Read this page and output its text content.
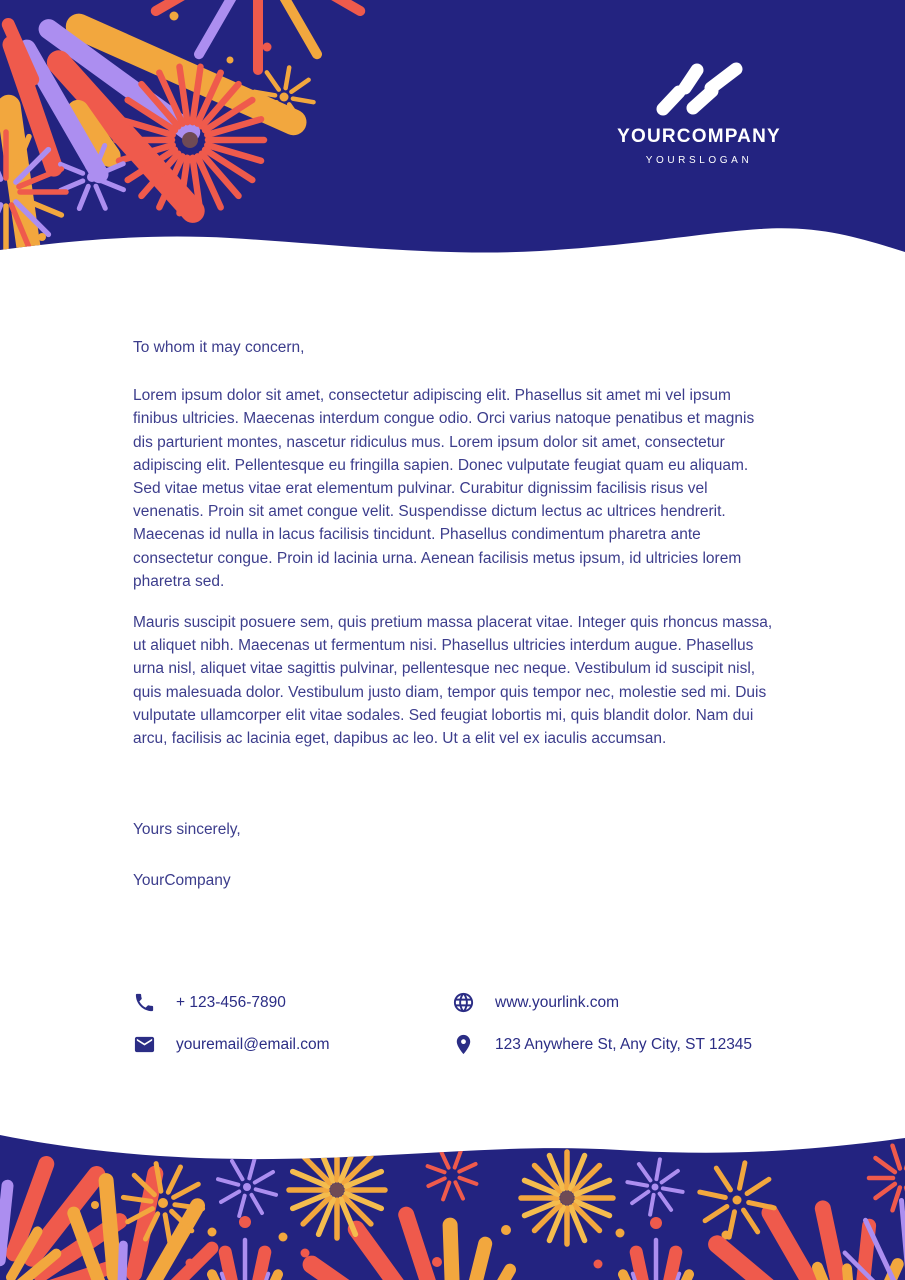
YOURCOMPANY
YOURSLOGAN

To whom it may concern,

Lorem ipsum dolor sit amet, consectetur adipiscing elit. Phasellus sit amet mi vel ipsum finibus ultricies. Maecenas interdum congue odio. Orci varius natoque penatibus et magnis dis parturient montes, nascetur ridiculus mus. Lorem ipsum dolor sit amet, consectetur adipiscing elit. Pellentesque eu fringilla sapien. Donec vulputate feugiat quam eu aliquam. Sed vitae metus vitae erat elementum pulvinar. Curabitur dignissim facilisis risus vel venenatis. Proin sit amet congue velit. Suspendisse dictum lectus ac ultrices hendrerit. Maecenas id nulla in lacus facilisis tincidunt. Phasellus condimentum pharetra ante consectetur congue. Proin id lacinia urna. Aenean facilisis metus ipsum, id ultricies lorem pharetra sed.

Mauris suscipit posuere sem, quis pretium massa placerat vitae. Integer quis rhoncus massa, ut aliquet nibh. Maecenas ut fermentum nisi. Phasellus ultricies interdum augue. Phasellus urna nisl, aliquet vitae sagittis pulvinar, pellentesque nec neque. Vestibulum id suscipit nisl, quis malesuada dolor. Vestibulum justo diam, tempor quis tempor nec, molestie sed mi. Duis vulputate ullamcorper elit vitae sodales. Sed feugiat lobortis mi, quis blandit dolor. Nam dui arcu, facilisis ac lacinia eget, dapibus ac leo. Ut a elit vel ex iaculis accumsan.

Yours sincerely,

YourCompany

+ 123-456-7890	www.yourlink.com
youremail@email.com	123 Anywhere St, Any City, ST 12345
